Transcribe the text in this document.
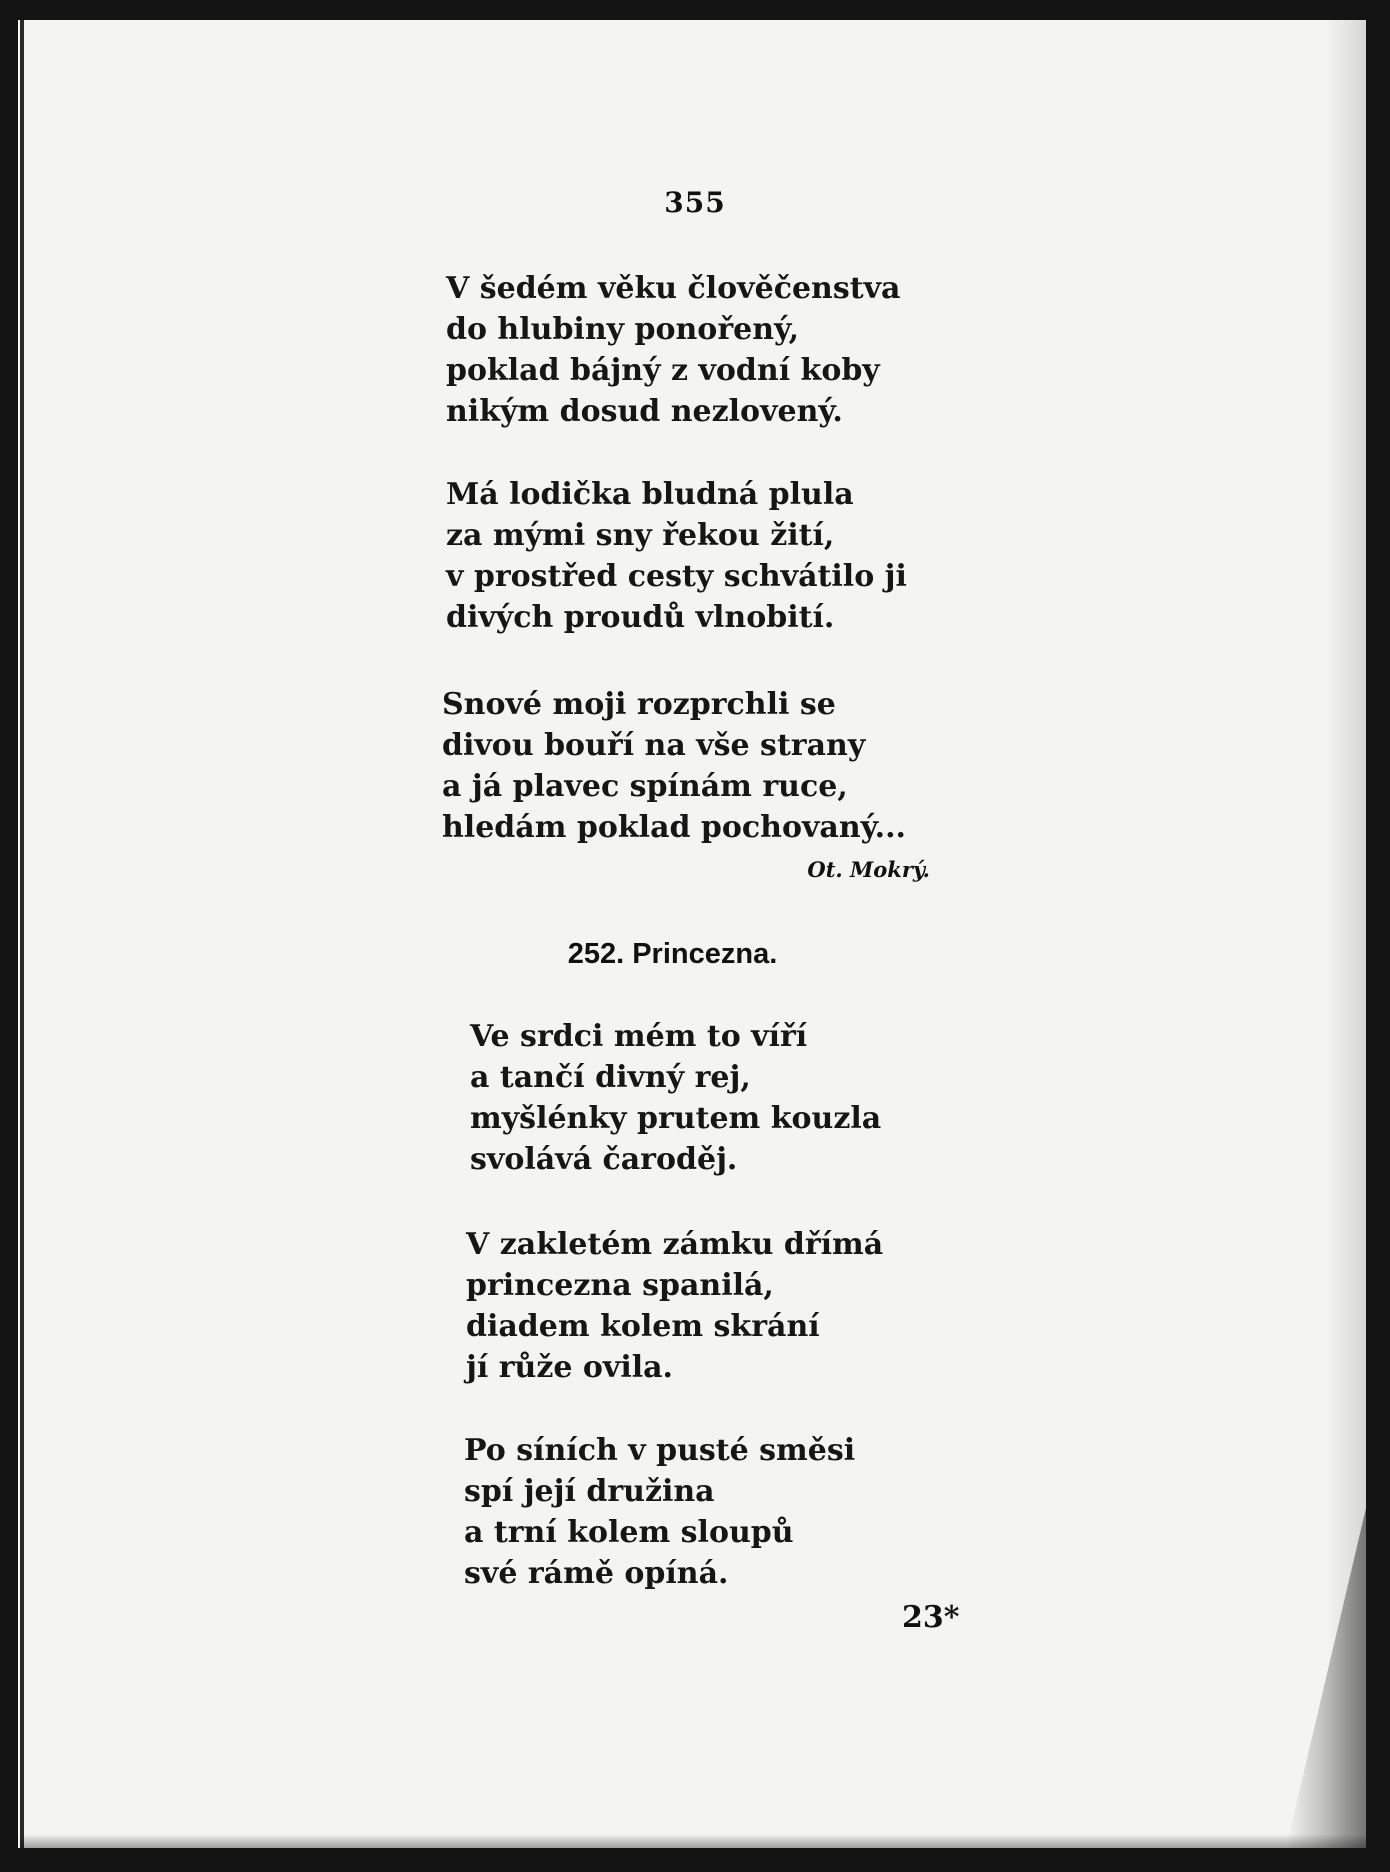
355
V šedém věku člověčenstva
do hlubiny ponořený,
poklad bájný z vodní koby
nikým dosud nezlovený.
Má lodička bludná plula
za mými sny řekou žití,
v prostřed cesty schvátilo ji
divých proudů vlnobití.
Snové moji rozprchli se
divou bouří na vše strany
a já plavec spínám ruce,
hledám poklad pochovaný...
Ot. Mokrý.
252. Princezna.
Ve srdci mém to víří
a tančí divný rej,
myšlénky prutem kouzla
svolává čaroděj.
V zakletém zámku dřímá
princezna spanilá,
diadem kolem skrání
jí růže ovila.
Po síních v pusté směsi
spí její družina
a trní kolem sloupů
své rámě opíná.
23*
